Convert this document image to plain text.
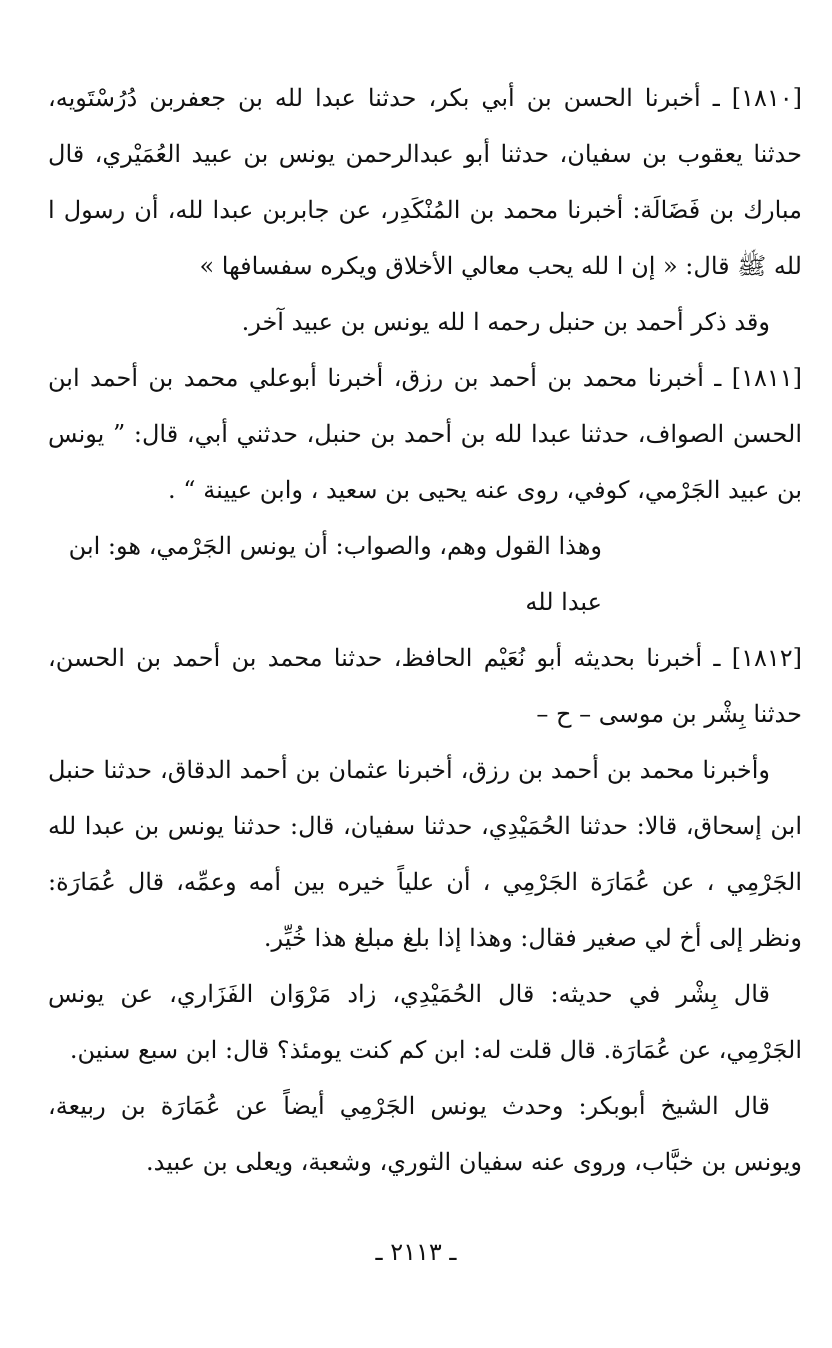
[١٨١٠] ـ أخبرنا الحسن بن أبي بكر، حدثنا عبدا لله بن جعفربن دُرُسْتَويه، حدثنا يعقوب بن سفيان، حدثنا أبو عبدالرحمن يونس بن عبيد العُمَيْري، قال مبارك بن فَضَالَة: أخبرنا محمد بن المُنْكَدِر، عن جابربن عبدا لله، أن رسول ا لله ﷺ قال: « إن ا لله يحب معالي الأخلاق ويكره سفسافها »

وقد ذكر أحمد بن حنبل رحمه ا لله يونس بن عبيد آخر.

[١٨١١] ـ أخبرنا محمد بن أحمد بن رزق، أخبرنا أبوعلي محمد بن أحمد ابن الحسن الصواف، حدثنا عبدا لله بن أحمد بن حنبل، حدثني أبي، قال: ” يونس بن عبيد الجَرْمي، كوفي، روى عنه يحيى بن سعيد ، وابن عيينة “ .

وهذا القول وهم، والصواب: أن يونس الجَرْمي، هو: ابن عبدا لله

[١٨١٢] ـ أخبرنا بحديثه أبو نُعَيْم الحافظ، حدثنا محمد بن أحمد بن الحسن، حدثنا بِشْر بن موسى – ح –

وأخبرنا محمد بن أحمد بن رزق، أخبرنا عثمان بن أحمد الدقاق، حدثنا حنبل ابن إسحاق، قالا: حدثنا الحُمَيْدِي، حدثنا سفيان، قال: حدثنا يونس بن عبدا لله الجَرْمِي ، عن عُمَارَة الجَرْمِي ، أن علياً خيره بين أمه وعمِّه، قال عُمَارَة: ونظر إلى أخ لي صغير فقال: وهذا إذا بلغ مبلغ هذا خُيِّر.

قال بِشْر في حديثه: قال الحُمَيْدِي، زاد مَرْوَان الفَزَاري، عن يونس الجَرْمِي، عن عُمَارَة. قال قلت له: ابن كم كنت يومئذ؟ قال: ابن سبع سنين.

قال الشيخ أبوبكر: وحدث يونس الجَرْمِي أيضاً عن عُمَارَة بن ربيعة، ويونس بن خبَّاب، وروى عنه سفيان الثوري، وشعبة، ويعلى بن عبيد.

ـ ٢١١٣ ـ
